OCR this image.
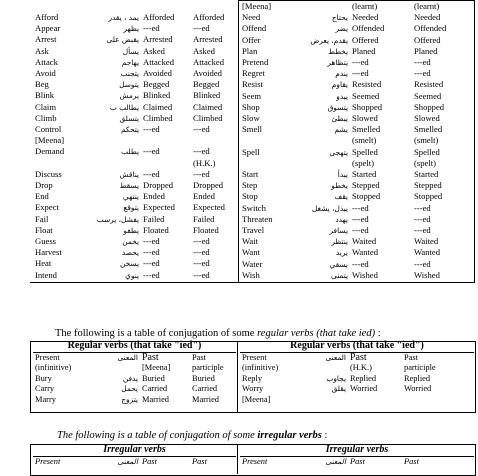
Afford	يمد ، يقدر	Afforded	Afforded
Appear	يظهر	---ed	---ed
Arrest	يقبض على	Arrested	Arrested
Ask	يسأل	Asked	Asked
Attack	يهاجم	Attacked	Attacked
Avoid	يتجنب	Avoided	Avoided
Beg	يتوسل	Begged	Begged
Blink	يرمش	Blinked	Blinked
Claim	يطالب ب	Claimed	Claimed
Climb	يتسلق	Climbed	Climbed
Control	يتحكم	---ed	---ed
[Meena]			
Demand	يطلب	---ed	---ed
			(H.K.)
Discuss	يناقش	---ed	---ed
Drop	يسقط	Dropped	Dropped
End	ينتهي	Ended	Ended
Expect	يتوقع	Expected	Expected
Fail	يفشل، يرسب	Failed	Failed
Float	يطفو	Floated	Floated
Guess	يخمن	---ed	---ed
Harvest	يحصد	---ed	---ed
Heat	يسخن	---ed	---ed
Intend	ينوي	---ed	---ed
[Meena]		(learnt)	(learnt)
Need	يحتاج	Needed	Needed
Offend	يضر	Offended	Offended
Offer	يقدم، يعرض	Offered	Offered
Plan	يخطط	Planed	Planed
Pretend	يتظاهر	---ed	---ed
Regret	يندم	---ed	---ed
Resist	يقاوم	Resisted	Resisted
Seem	يبدو	Seemed	Seemed
Shop	يتسوق	Shopped	Shopped
Slow	يبطئ	Slowed	Slowed
Smell	يشم	Smelled	Smelled
		(smelt)	(smelt)
Spell	يتهجى	Spelled	Spelled
		(spelt)	(spelt)
Start	يبدأ	Started	Started
Step	يخطو	Stepped	Stepped
Stop	يقف	Stopped	Stopped
Switch	يبدل، يشغل	---ed	---ed
Threaten	يهدد	---ed	---ed
Travel	يسافر	---ed	---ed
Wait	ينتظر	Waited	Waited
Want	يريد	Wanted	Wanted
Water	يسقي	---ed	---ed
Wish	يتمنى	Wished	Wished
The following is a table of conjugation of some regular verbs (that take ied) :
Regular verbs (that take "ied")			
Present	المعنى	Past	Past
(infinitive)		[Meena]	participle
Bury	يدفن	Buried	Buried
Carry	يحمل	Carried	Carried
Marry	يتزوج	Married	Married
Regular verbs (that take "ied")			
Present	المعنى	Past	Past
(infinitive)		(H.K.)	participle
Reply	يجاوب	Replied	Replied
Worry	يقلق	Worried	Worried
[Meena]			
The following is a table of conjugation of some irregular verbs :
Irregular verbs
Present	المعنى	Past	Past
Irregular verbs
Present	المعنى	Past	Past
